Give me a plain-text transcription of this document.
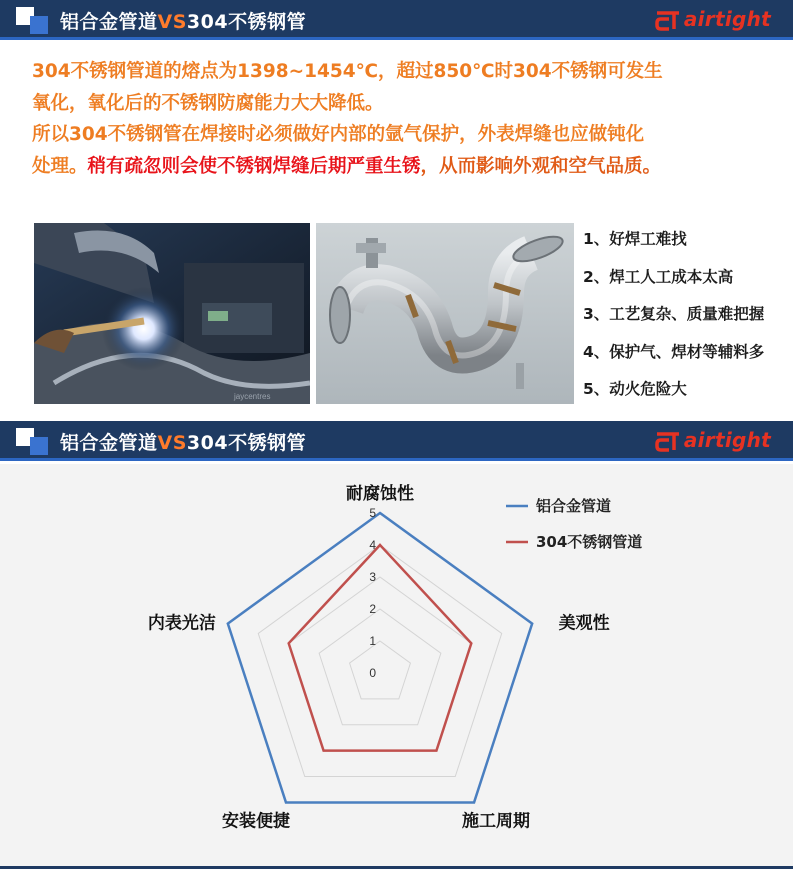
铝合金管道VS304不锈钢管	airtight

304不锈钢管道的熔点为1398~1454℃，超过850℃时304不锈钢可发生

氧化，氧化后的不锈钢防腐能力大大降低。

所以304不锈钢管在焊接时必须做好内部的氩气保护，外表焊缝也应做钝化

处理。稍有疏忽则会使不锈钢焊缝后期严重生锈，从而影响外观和空气品质。

jaycentres
1、好焊工难找
2、焊工人工成本太高
3、工艺复杂、质量难把握
4、保护气、焊材等辅料多
5、动火危险大
铝合金管道VS304不锈钢管	airtight
0
1
2
3
4
5
耐腐蚀性
美观性
施工周期
安装便捷
内表光洁
铝合金管道
304不锈钢管道
